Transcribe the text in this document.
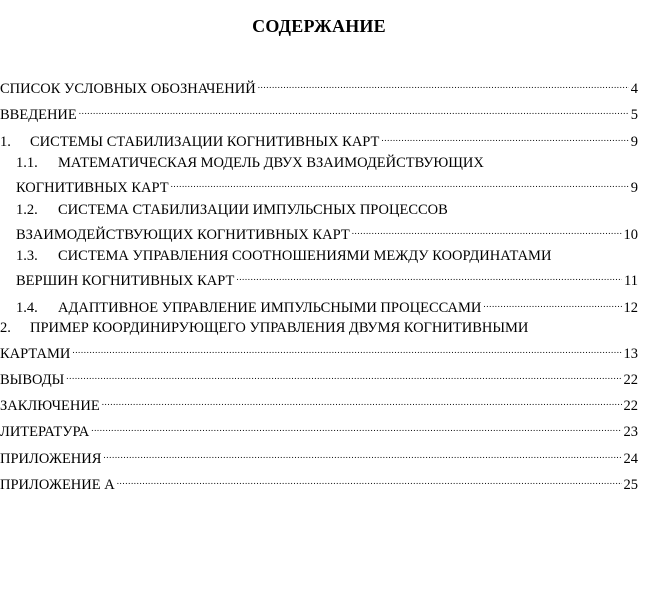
СОДЕРЖАНИЕ
СПИСОК УСЛОВНЫХ ОБОЗНАЧЕНИЙ .....	4
ВВЕДЕНИЕ .....	5
1. СИСТЕМЫ СТАБИЛИЗАЦИИ КОГНИТИВНЫХ КАРТ .....	9
1.1. МАТЕМАТИЧЕСКАЯ МОДЕЛЬ ДВУХ ВЗАИМОДЕЙСТВУЮЩИХ
КОГНИТИВНЫХ КАРТ .....	9
1.2. СИСТЕМА СТАБИЛИЗАЦИИ ИМПУЛЬСНЫХ ПРОЦЕССОВ
ВЗАИМОДЕЙСТВУЮЩИХ КОГНИТИВНЫХ КАРТ .....	10
1.3. СИСТЕМА УПРАВЛЕНИЯ СООТНОШЕНИЯМИ МЕЖДУ КООРДИНАТАМИ
ВЕРШИН КОГНИТИВНЫХ КАРТ .....	11
1.4. АДАПТИВНОЕ УПРАВЛЕНИЕ ИМПУЛЬСНЫМИ ПРОЦЕССАМИ .....	12
2. ПРИМЕР КООРДИНИРУЮЩЕГО УПРАВЛЕНИЯ ДВУМЯ КОГНИТИВНЫМИ
КАРТАМИ .....	13
ВЫВОДЫ .....	22
ЗАКЛЮЧЕНИЕ .....	22
ЛИТЕРАТУРА .....	23
ПРИЛОЖЕНИЯ .....	24
ПРИЛОЖЕНИЕ А .....	25
